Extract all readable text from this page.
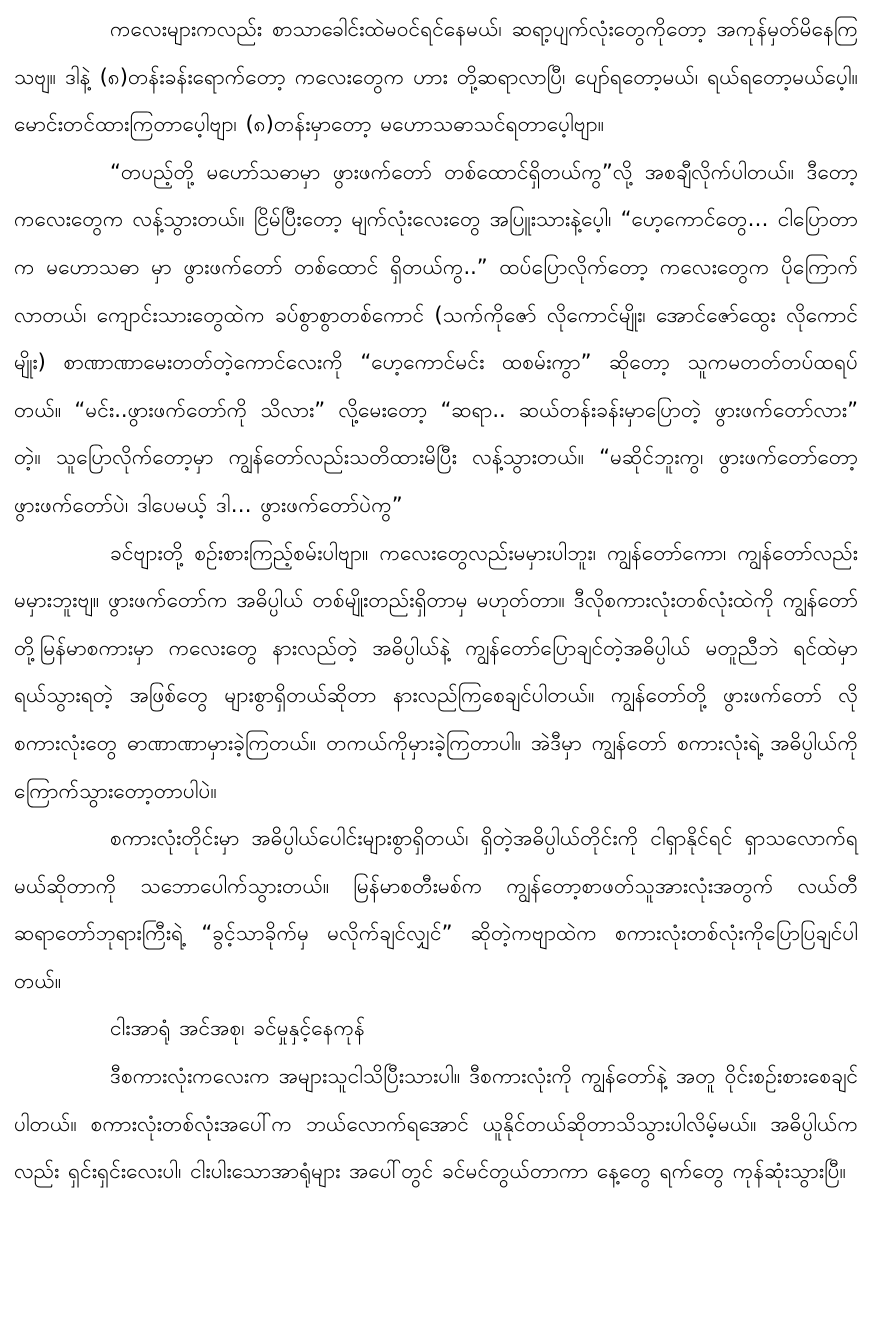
ကလေးများကလည်း စာသာခေါင်းထဲမဝင်ရင်နေမယ်၊ ဆရာ့ပျက်လုံးတွေကိုတော့ အကုန်မှတ်မိနေကြသဗျ။ ဒါနဲ့ (၈)တန်းခန်းရောက်တော့ ကလေးတွေက ဟား တို့ဆရာလာပြီ၊ ပျော်ရတော့မယ်၊ ရယ်ရတော့မယ်ပေ့ါ။ မောင်းတင်ထားကြတာပေ့ါဗျာ၊ (၈)တန်းမှာတော့ မဟောသဓာသင်ရတာပေ့ါဗျာ။

“တပည့်တို့ မဟော်သဓာမှာ ဖွားဖက်တော် တစ်ထောင်ရှိတယ်ကွ”လို့ အစချီလိုက်ပါတယ်။ ဒီတော့ ကလေးတွေက လန့်သွားတယ်။ ငြိမ်ပြီးတော့ မျက်လုံးလေးတွေ အပြူးသားနဲ့ပေ့ါ၊ “ဟေ့ကောင်တွေ… ငါပြောတာက မဟောသဓာ မှာ ဖွားဖက်တော် တစ်ထောင် ရှိတယ်ကွ..” ထပ်ပြောလိုက်တော့ ကလေးတွေက ပိုကြောက်လာတယ်၊ ကျောင်းသားတွေထဲက ခပ်စွာစွာတစ်ကောင် (သက်ကိုဇော် လိုကောင်မျိုး၊ အောင်ဇော်ထွေး လိုကောင်မျိုး) စာဏာဏာမေးတတ်တဲ့ကောင်လေးကို “ဟေ့ကောင်မင်း ထစမ်းကွာ” ဆိုတော့ သူကမတတ်တပ်ထရပ်တယ်။ “မင်း..ဖွားဖက်တော်ကို သိလား” လို့မေးတော့ “ဆရာ.. ဆယ်တန်းခန်းမှာပြောတဲ့ ဖွားဖက်တော်လား” တဲ့။ သူပြောလိုက်တော့မှာ ကျွန်တော်လည်းသတိထားမိပြီး လန့်သွားတယ်။ “မဆိုင်ဘူးကွ၊ ဖွားဖက်တော်တော့ ဖွားဖက်တော်ပဲ၊ ဒါပေမယ့် ဒါ… ဖွားဖက်တော်ပဲကွ”

ခင်ဗျားတို့ စဉ်းစားကြည့်စမ်းပါဗျာ။ ကလေးတွေလည်းမမှားပါဘူး၊ ကျွန်တော်ကော၊ ကျွန်တော်လည်းမမှားဘူးဗျ။ ဖွားဖက်တော်က အဓိပ္ပါယ် တစ်မျိုးတည်းရှိတာမှ မဟုတ်တာ။ ဒီလိုစကားလုံးတစ်လုံးထဲကို ကျွန်တော်တို့မြန်မာစကားမှာ ကလေးတွေ နားလည်တဲ့ အဓိပ္ပါယ်နဲ့ ကျွန်တော်ပြောချင်တဲ့အဓိပ္ပါယ် မတူညီဘဲ ရင်ထဲမှာ ရယ်သွားရတဲ့ အဖြစ်တွေ များစွာရှိတယ်ဆိုတာ နားလည်ကြစေချင်ပါတယ်။ ကျွန်တော်တို့ ဖွားဖက်တော် လို စကားလုံးတွေ ဓာဏာဏာမှားခဲ့ကြတယ်။ တကယ်ကိုမှားခဲ့ကြတာပါ။ အဲဒီမှာ ကျွန်တော် စကားလုံးရဲ့ အဓိပ္ပါယ်ကို ကြောက်သွားတော့တာပါပဲ။

စကားလုံးတိုင်းမှာ အဓိပ္ပါယ်ပေါင်းများစွာရှိတယ်၊ ရှိတဲ့အဓိပ္ပါယ်တိုင်းကို ငါရှာနိုင်ရင် ရှာသလောက်ရမယ်ဆိုတာကို သဘောပေါက်သွားတယ်။ မြန်မာစတီးမစ်က ကျွန်တော့စာဖတ်သူအားလုံးအတွက် လယ်တီဆရာတော်ဘုရားကြီးရဲ့ “ခွင့်သာခိုက်မှ မလိုက်ချင်လျှင်” ဆိုတဲ့ကဗျာထဲက စကားလုံးတစ်လုံးကိုပြောပြချင်ပါတယ်။

ငါးအာရုံ အင်အစု၊ ခင်မှုနှင့်နေကုန်

ဒီစကားလုံးကလေးက အများသူငါသိပြီးသားပါ။ ဒီစကားလုံးကို ကျွန်တော်နဲ့ အတူ ဝိုင်းစဉ်းစားစေချင်ပါတယ်။ စကားလုံးတစ်လုံးအပေါ်က ဘယ်လောက်ရအောင် ယူနိုင်တယ်ဆိုတာသိသွားပါလိမ့်မယ်။ အဓိပ္ပါယ်ကလည်း ရှင်းရှင်းလေးပါ၊ ငါးပါးသောအာရုံများ အပေါ်တွင် ခင်မင်တွယ်တာကာ နေ့တွေ ရက်တွေ ကုန်ဆုံးသွားပြီ။
